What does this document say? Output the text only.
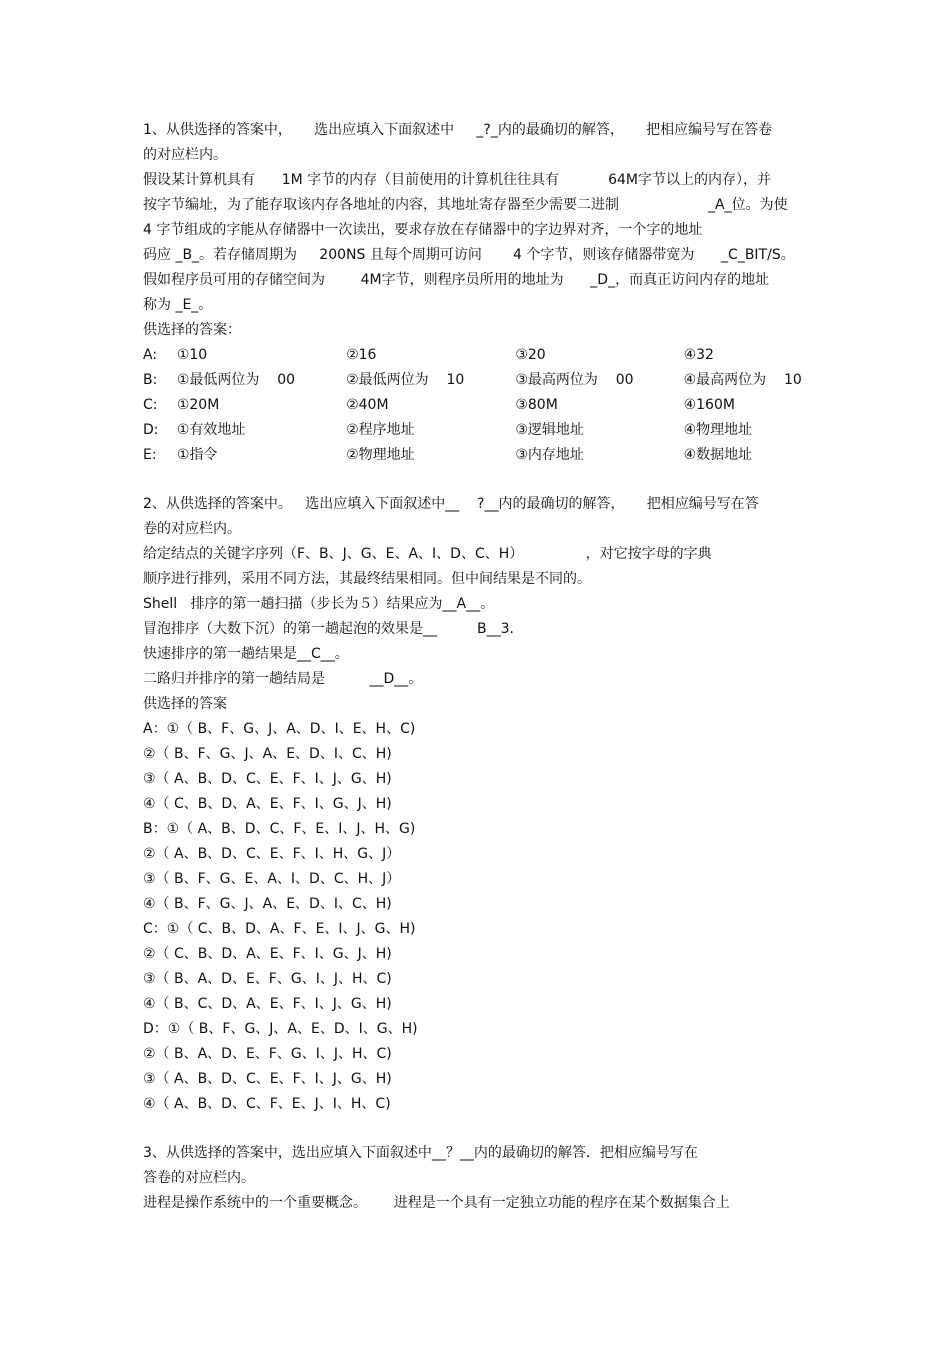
1、从供选择的答案中，     选出应填入下面叙述中     _?_内的最确切的解答，     把相应编号写在答卷
的对应栏内。
假设某计算机具有      1M 字节的内存（目前使用的计算机往往具有           64M字节以上的内存），并
按字节编址，为了能存取该内存各地址的内容，其地址寄存器至少需要二进制                    _A_位。为使
4 字节组成的字能从存储器中一次读出，要求存放在存储器中的字边界对齐，一个字的地址
码应 _B_。若存储周期为     200NS 且每个周期可访问       4 个字节，则该存储器带宽为      _C_BIT/S。
假如程序员可用的存储空间为        4M字节，则程序员所用的地址为      _D_，而真正访问内存的地址
称为 _E_。
供选择的答案：
A:	①10	②16	③20	④32
B:	①最低两位为    00	②最低两位为    10	③最高两位为    00	④最高两位为    10
C:	①20M	②40M	③80M	④160M
D:	①有效地址	②程序地址	③逻辑地址	④物理地址
E:	①指令	②物理地址	③内存地址	④数据地址
2、从供选择的答案中。   选出应填入下面叙述中__    ?__内的最确切的解答，     把相应编号写在答
卷的对应栏内。
给定结点的关键字序列（F、B、J、G、E、A、I、D、C、H）              ，对它按字母的字典
顺序进行排列，采用不同方法，其最终结果相同。但中间结果是不同的。
Shell   排序的第一趟扫描（步长为５）结果应为__A__。
冒泡排序（大数下沉）的第一趟起泡的效果是__         B__3.
快速排序的第一趟结果是__C__。
二路归并排序的第一趟结局是          __D__。
供选择的答案
A：①（ B、F、G、J、A、D、I、E、H、C)
②（ B、F、G、J、A、E、D、I、C、H)
③（ A、B、D、C、E、F、I、J、G、H)
④（ C、B、D、A、E、F、I、G、J、H)
B：①（ A、B、D、C、F、E、I、J、H、G)
②（ A、B、D、C、E、F、I、H、G、J）
③（ B、F、G、E、A、I、D、C、H、J）
④（ B、F、G、J、A、E、D、I、C、H)
C：①（ C、B、D、A、F、E、I、J、G、H)
②（ C、B、D、A、E、F、I、G、J、H)
③（ B、A、D、E、F、G、I、J、H、C)
④（ B、C、D、A、E、F、I、J、G、H)
D：①（ B、F、G、J、A、E、D、I、G、H)
②（ B、A、D、E、F、G、I、J、H、C)
③（ A、B、D、C、E、F、I、J、G、H)
④（ A、B、D、C、F、E、J、I、H、C)
3、从供选择的答案中，选出应填入下面叙述中__？__内的最确切的解答．把相应编号写在
答卷的对应栏内。
进程是操作系统中的一个重要概念。      进程是一个具有一定独立功能的程序在某个数据集合上
